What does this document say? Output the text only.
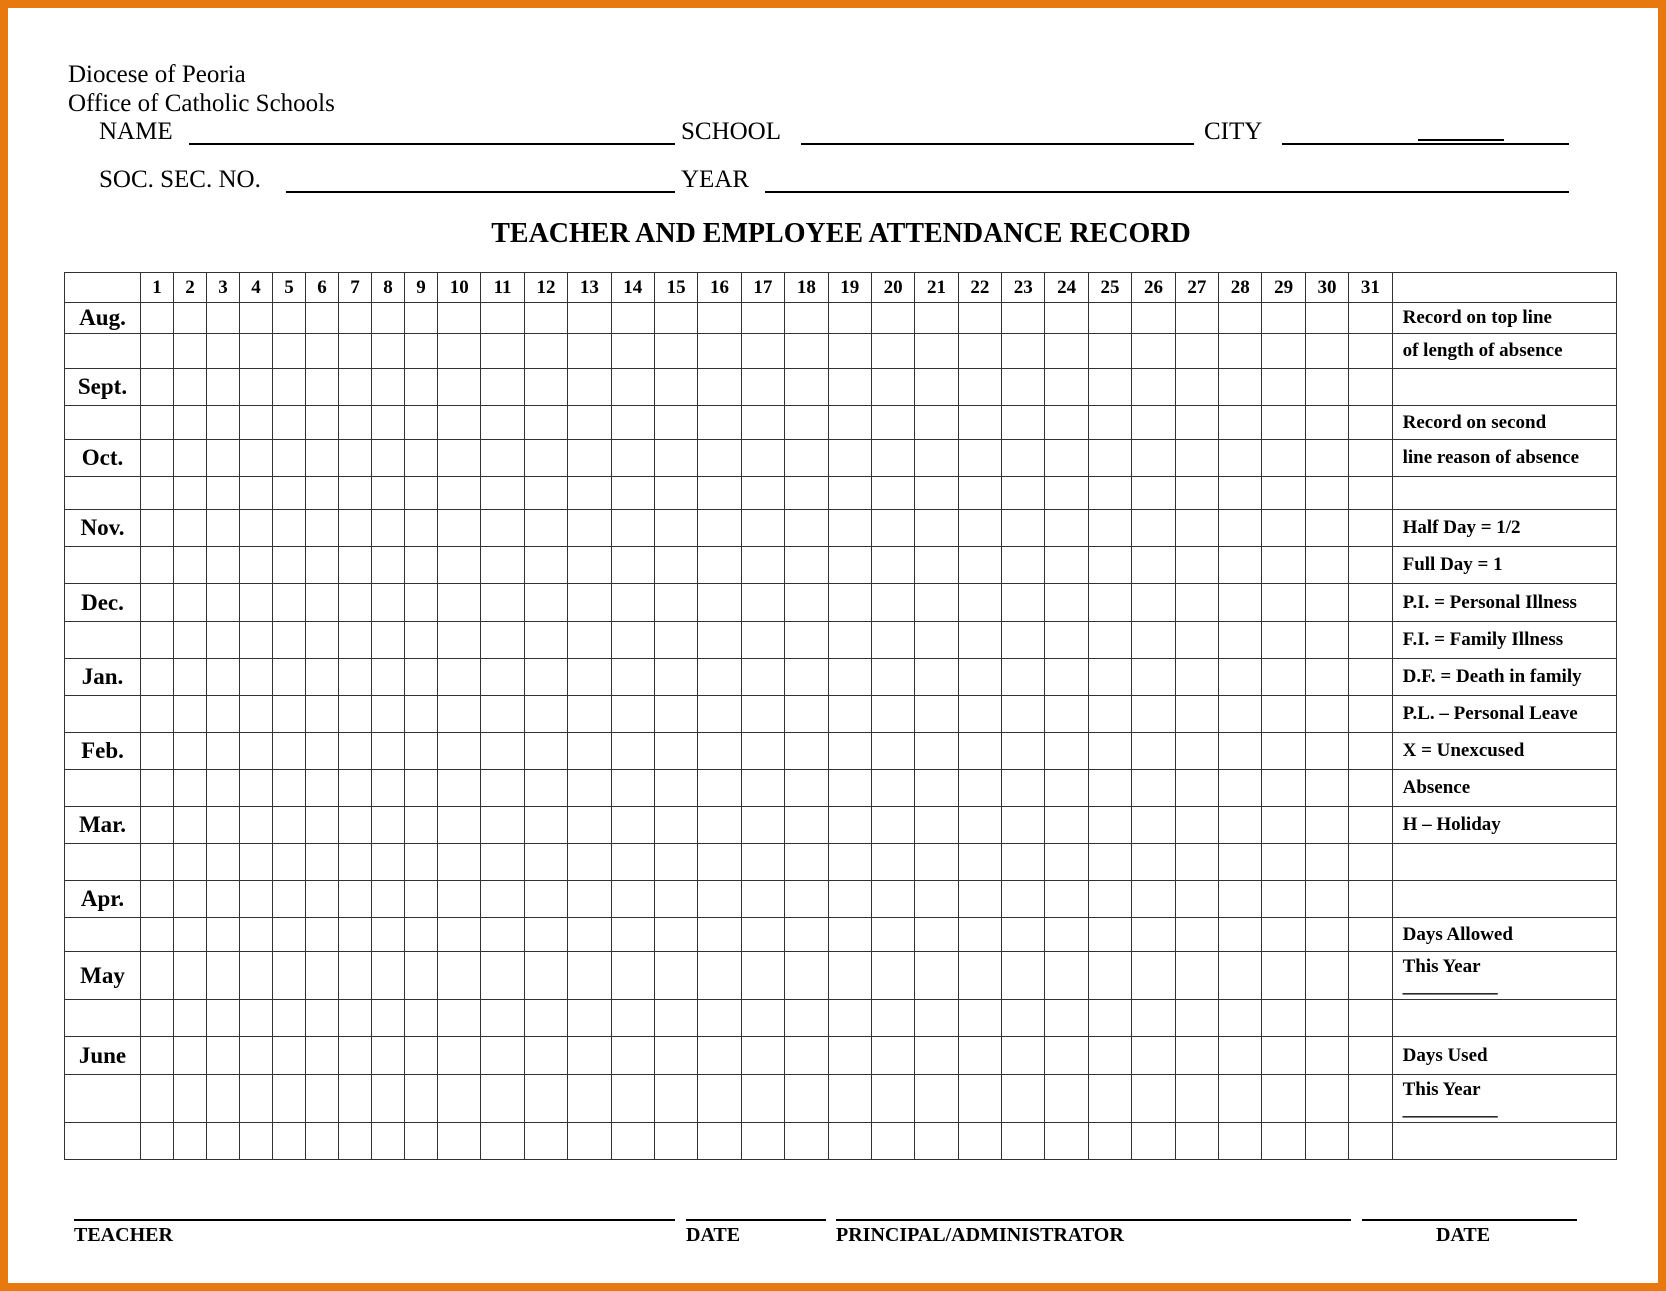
Diocese of Peoria
Office of Catholic Schools
NAME	SCHOOL	CITY
SOC. SEC. NO.	YEAR
TEACHER AND EMPLOYEE ATTENDANCE RECORD
	1	2	3	4	5	6	7	8	9	10	11	12	13	14	15	16	17	18	19	20	21	22	23	24	25	26	27	28	29	30	31	
Aug.																																Record on top line

																																of length of absence

Sept.																																

																																Record on second

Oct.																																line reason of absence

Nov.																																Half Day = 1/2

																																Full Day = 1

Dec.																																P.I. = Personal Illness

																																F.I. = Family Illness

Jan.																																D.F. = Death in family

																																P.L. – Personal Leave

Feb.																																X = Unexcused

																																Absence

Mar.																																H – Holiday

Apr.																																

																																Days Allowed

May																																This Year
__________

June																																Days Used

																																This Year
__________

TEACHER	DATE	PRINCIPAL/ADMINISTRATOR	DATE
